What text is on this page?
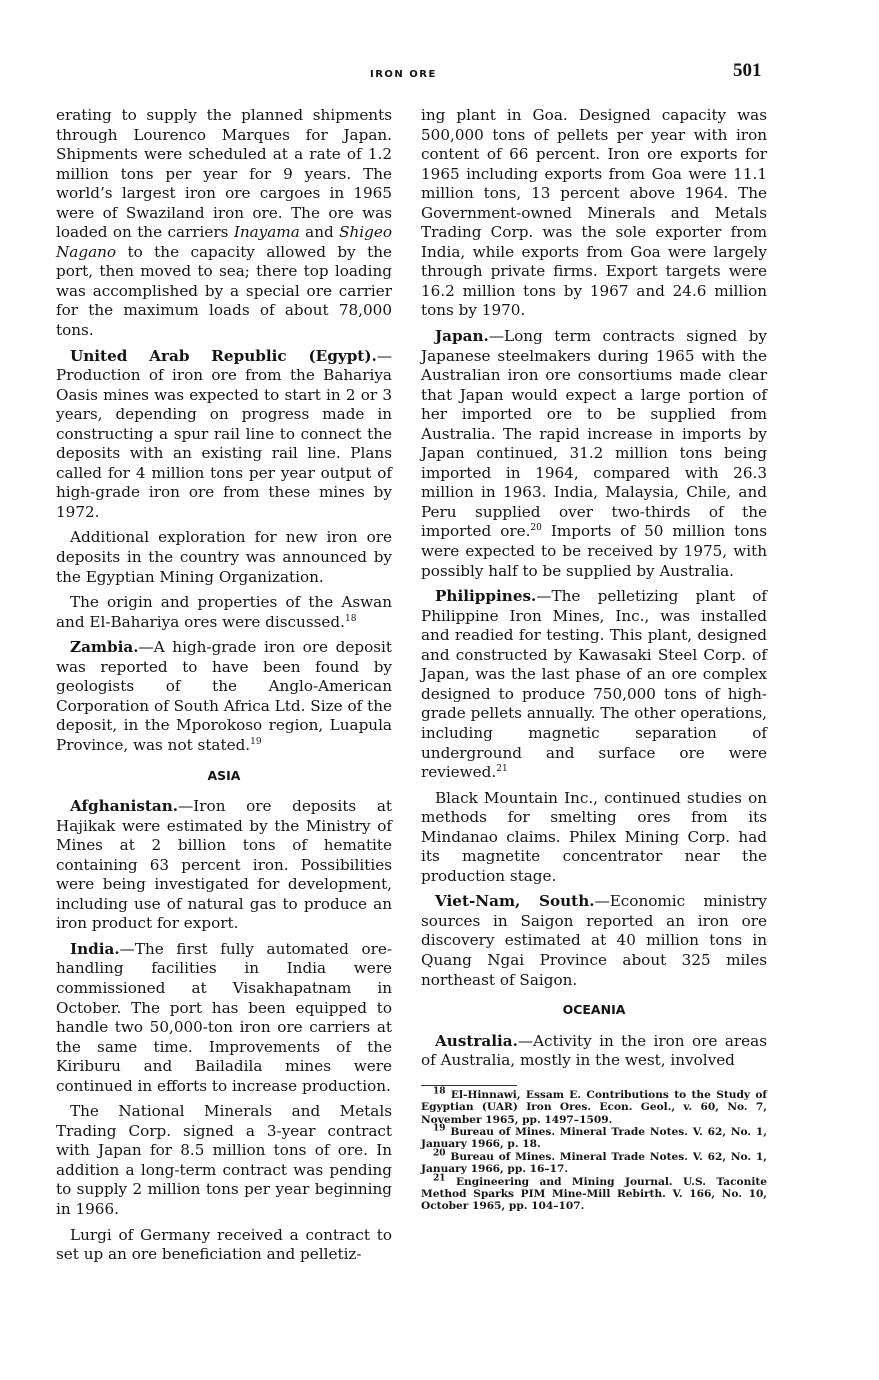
IRON ORE	501

erating to supply the planned shipments through Lourenco Marques for Japan. Shipments were scheduled at a rate of 1.2 million tons per year for 9 years. The world’s largest iron ore cargoes in 1965 were of Swaziland iron ore. The ore was loaded on the carriers Inayama and Shigeo Nagano to the capacity allowed by the port, then moved to sea; there top loading was accomplished by a special ore carrier for the maximum loads of about 78,000 tons.

United Arab Republic (Egypt).—Production of iron ore from the Bahariya Oasis mines was expected to start in 2 or 3 years, depending on progress made in constructing a spur rail line to connect the deposits with an existing rail line. Plans called for 4 million tons per year output of high-grade iron ore from these mines by 1972.

Additional exploration for new iron ore deposits in the country was announced by the Egyptian Mining Organization.

The origin and properties of the Aswan and El-Bahariya ores were discussed.$^{18}$

Zambia.—A high-grade iron ore deposit was reported to have been found by geologists of the Anglo-American Corporation of South Africa Ltd. Size of the deposit, in the Mporokoso region, Luapula Province, was not stated.$^{19}$

ASIA

Afghanistan.—Iron ore deposits at Hajikak were estimated by the Ministry of Mines at 2 billion tons of hematite containing 63 percent iron. Possibilities were being investigated for development, including use of natural gas to produce an iron product for export.

India.—The first fully automated ore-handling facilities in India were commissioned at Visakhapatnam in October. The port has been equipped to handle two 50,000-ton iron ore carriers at the same time. Improvements of the Kiriburu and Bailadila mines were continued in efforts to increase production.

The National Minerals and Metals Trading Corp. signed a 3-year contract with Japan for 8.5 million tons of ore. In addition a long-term contract was pending to supply 2 million tons per year beginning in 1966.

Lurgi of Germany received a contract to set up an ore beneficiation and pelletiz-

ing plant in Goa. Designed capacity was 500,000 tons of pellets per year with iron content of 66 percent. Iron ore exports for 1965 including exports from Goa were 11.1 million tons, 13 percent above 1964. The Government-owned Minerals and Metals Trading Corp. was the sole exporter from India, while exports from Goa were largely through private firms. Export targets were 16.2 million tons by 1967 and 24.6 million tons by 1970.

Japan.—Long term contracts signed by Japanese steelmakers during 1965 with the Australian iron ore consortiums made clear that Japan would expect a large portion of her imported ore to be supplied from Australia. The rapid increase in imports by Japan continued, 31.2 million tons being imported in 1964, compared with 26.3 million in 1963. India, Malaysia, Chile, and Peru supplied over two-thirds of the imported ore.$^{20}$ Imports of 50 million tons were expected to be received by 1975, with possibly half to be supplied by Australia.

Philippines.—The pelletizing plant of Philippine Iron Mines, Inc., was installed and readied for testing. This plant, designed and constructed by Kawasaki Steel Corp. of Japan, was the last phase of an ore complex designed to produce 750,000 tons of high-grade pellets annually. The other operations, including magnetic separation of underground and surface ore were reviewed.$^{21}$

Black Mountain Inc., continued studies on methods for smelting ores from its Mindanao claims. Philex Mining Corp. had its magnetite concentrator near the production stage.

Viet-Nam, South.—Economic ministry sources in Saigon reported an iron ore discovery estimated at 40 million tons in Quang Ngai Province about 325 miles northeast of Saigon.

OCEANIA

Australia.—Activity in the iron ore areas of Australia, mostly in the west, involved

$^{18}$ El-Hinnawi, Essam E. Contributions to the Study of Egyptian (UAR) Iron Ores. Econ. Geol., v. 60, No. 7, November 1965, pp. 1497–1509.

$^{19}$ Bureau of Mines. Mineral Trade Notes. V. 62, No. 1, January 1966, p. 18.

$^{20}$ Bureau of Mines. Mineral Trade Notes. V. 62, No. 1, January 1966, pp. 16–17.

$^{21}$ Engineering and Mining Journal. U.S. Taconite Method Sparks PIM Mine-Mill Rebirth. V. 166, No. 10, October 1965, pp. 104–107.
